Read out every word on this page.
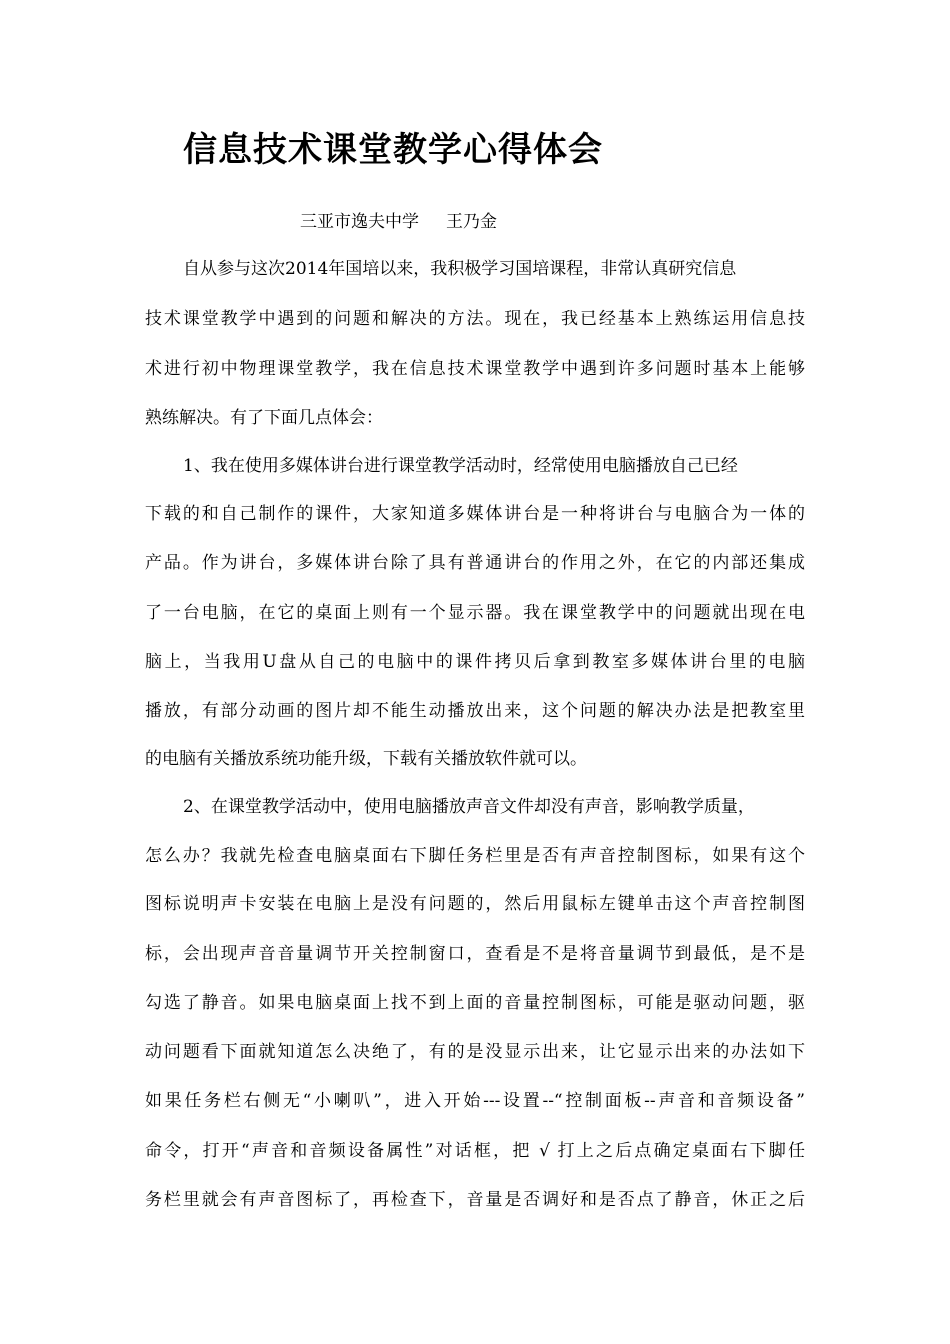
信息技术课堂教学心得体会

三亚市逸夫中学     王乃金

自从参与这次2014年国培以来，我积极学习国培课程，非常认真研究信息

技术课堂教学中遇到的问题和解决的方法。现在，我已经基本上熟练运用信息技

术进行初中物理课堂教学，我在信息技术课堂教学中遇到许多问题时基本上能够

熟练解决。有了下面几点体会：

1、我在使用多媒体讲台进行课堂教学活动时，经常使用电脑播放自己已经

下载的和自己制作的课件，大家知道多媒体讲台是一种将讲台与电脑合为一体的

产品。作为讲台，多媒体讲台除了具有普通讲台的作用之外，在它的内部还集成

了一台电脑，在它的桌面上则有一个显示器。我在课堂教学中的问题就出现在电

脑上，当我用U盘从自己的电脑中的课件拷贝后拿到教室多媒体讲台里的电脑

播放，有部分动画的图片却不能生动播放出来，这个问题的解决办法是把教室里

的电脑有关播放系统功能升级，下载有关播放软件就可以。

2、在课堂教学活动中，使用电脑播放声音文件却没有声音，影响教学质量，

怎么办？我就先检查电脑桌面右下脚任务栏里是否有声音控制图标，如果有这个

图标说明声卡安装在电脑上是没有问题的，然后用鼠标左键单击这个声音控制图

标，会出现声音音量调节开关控制窗口，查看是不是将音量调节到最低，是不是

勾选了静音。如果电脑桌面上找不到上面的音量控制图标，可能是驱动问题，驱

动问题看下面就知道怎么决绝了，有的是没显示出来，让它显示出来的办法如下

如果任务栏右侧无“小喇叭”，进入开始---设置--“控制面板--声音和音频设备”

命令，打开“声音和音频设备属性”对话框，把 √ 打上之后点确定桌面右下脚任

务栏里就会有声音图标了，再检查下，音量是否调好和是否点了静音，休正之后
